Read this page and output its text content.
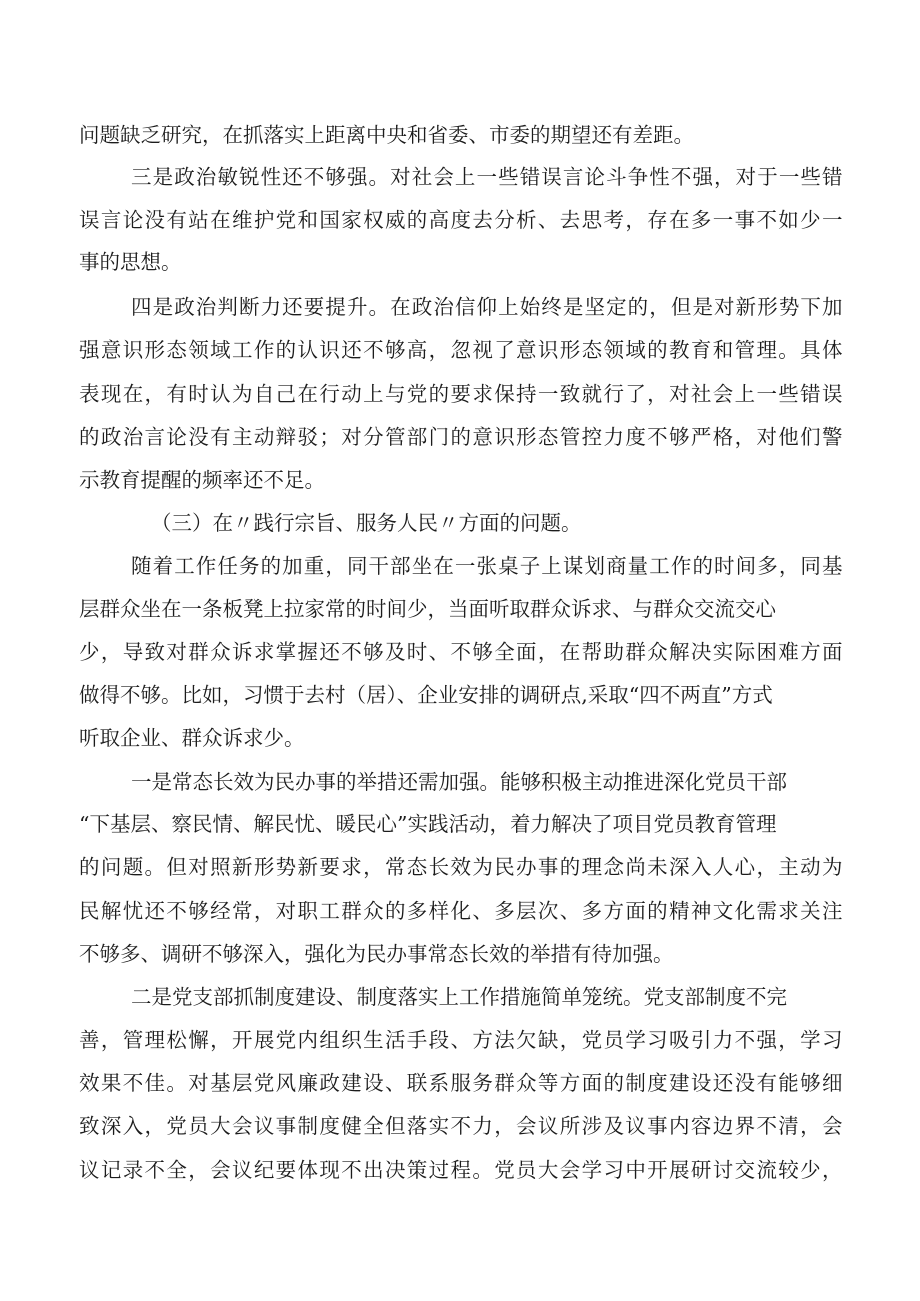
问题缺乏研究，在抓落实上距离中央和省委、市委的期望还有差距。
三是政治敏锐性还不够强。对社会上一些错误言论斗争性不强，对于一些错
误言论没有站在维护党和国家权威的高度去分析、去思考，存在多一事不如少一
事的思想。
四是政治判断力还要提升。在政治信仰上始终是坚定的，但是对新形势下加
强意识形态领域工作的认识还不够高，忽视了意识形态领域的教育和管理。具体
表现在，有时认为自己在行动上与党的要求保持一致就行了，对社会上一些错误
的政治言论没有主动辩驳；对分管部门的意识形态管控力度不够严格，对他们警
示教育提醒的频率还不足。
（三）在〃践行宗旨、服务人民〃方面的问题。
随着工作任务的加重，同干部坐在一张桌子上谋划商量工作的时间多，同基
层群众坐在一条板凳上拉家常的时间少，当面听取群众诉求、与群众交流交心
少，导致对群众诉求掌握还不够及时、不够全面，在帮助群众解决实际困难方面
做得不够。比如，习惯于去村（居）、企业安排的调研点,采取“四不两直”方式
听取企业、群众诉求少。
一是常态长效为民办事的举措还需加强。能够积极主动推进深化党员干部
“下基层、察民情、解民忧、暖民心”实践活动，着力解决了项目党员教育管理
的问题。但对照新形势新要求，常态长效为民办事的理念尚未深入人心，主动为
民解忧还不够经常，对职工群众的多样化、多层次、多方面的精神文化需求关注
不够多、调研不够深入，强化为民办事常态长效的举措有待加强。
二是党支部抓制度建设、制度落实上工作措施简单笼统。党支部制度不完
善，管理松懈，开展党内组织生活手段、方法欠缺，党员学习吸引力不强，学习
效果不佳。对基层党风廉政建设、联系服务群众等方面的制度建设还没有能够细
致深入，党员大会议事制度健全但落实不力，会议所涉及议事内容边界不清，会
议记录不全，会议纪要体现不出决策过程。党员大会学习中开展研讨交流较少，
